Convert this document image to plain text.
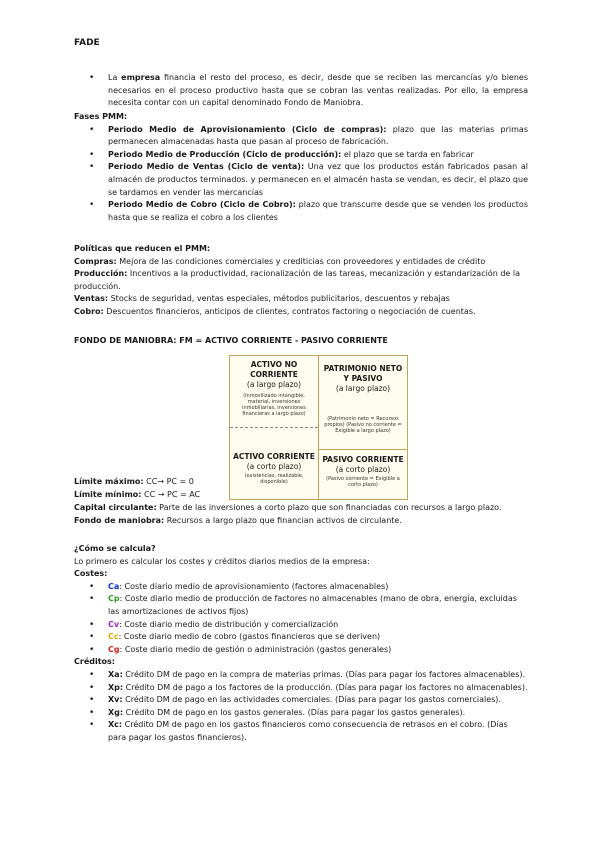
FADE
• La empresa financia el resto del proceso, es decir, desde que se reciben las mercancías y/o bienes necesarios en el proceso productivo hasta que se cobran las ventas realizadas. Por ello, la empresa necesita contar con un capital denominado Fondo de Maniobra.
Fases PMM:
• Periodo Medio de Aprovisionamiento (Ciclo de compras): plazo que las materias primas permanecen almacenadas hasta que pasan al proceso de fabricación.
• Periodo Medio de Producción (Ciclo de producción): el plazo que se tarda en fabricar
• Periodo Medio de Ventas (Ciclo de venta): Una vez que los productos están fabricados pasan al almacén de productos terminados. y permanecen en el almacén hasta se vendan, es decir, el plazo que se tardamos en vender las mercancías
• Periodo Medio de Cobro (Ciclo de Cobro): plazo que transcurre desde que se venden los productos hasta que se realiza el cobro a los clientes
Políticas que reducen el PMM:

Compras: Mejora de las condiciones comerciales y crediticias con proveedores y entidades de crédito

Producción: Incentivos a la productividad, racionalización de las tareas, mecanización y estandarización de la producción.

Ventas: Stocks de seguridad, ventas especiales, métodos publicitarios, descuentos y rebajas

Cobro: Descuentos financieros, anticipos de clientes, contratos factoring o negociación de cuentas.

FONDO DE MANIOBRA: FM = ACTIVO CORRIENTE - PASIVO CORRIENTE
ACTIVO NO CORRIENTE
(a largo plazo)
(inmovilizado intangible, material, inversiones inmobiliarias, inversiones financieras a largo plazo)
PATRIMONIO NETO Y PASIVO
(a largo plazo)
(Patrimonio neto = Recursos propios) (Pasivo no corriente = Exigible a largo plazo)
ACTIVO CORRIENTE
(a corto plazo)
(existencias, realizable, disponible)
PASIVO CORRIENTE
(a corto plazo)
(Pasivo corriente = Exigible a corto plazo)

Límite máximo: CC→ PC = 0

Límite mínimo: CC → PC = AC

Capital circulante: Parte de las inversiones a corto plazo que son financiadas con recursos a largo plazo.

Fondo de maniobra: Recursos a largo plazo que financian activos de circulante.

¿Cómo se calcula?

Lo primero es calcular los costes y créditos diarios medios de la empresa:

Costes:
• Ca: Coste diario medio de aprovisionamiento (factores almacenables)
• Cp: Coste diario medio de producción de factores no almacenables (mano de obra, energía, excluidas las amortizaciones de activos fijos)
• Cv: Coste diario medio de distribución y comercialización
• Cc: Coste diario medio de cobro (gastos financieros que se deriven)
• Cg: Coste diario medio de gestión o administración (gastos generales)
Créditos:
• Xa: Crédito DM de pago en la compra de materias primas. (Días para pagar los factores almacenables).
• Xp: Crédito DM de pago a los factores de la producción. (Días para pagar los factores no almacenables).
• Xv: Crédito DM de pago en las actividades comerciales. (Días para pagar los gastos comerciales).
• Xg: Crédito DM de pago en los gastos generales. (Días para pagar los gastos generales).
• Xc: Crédito DM de pago en los gastos financieros como consecuencia de retrasos en el cobro. (Días para pagar los gastos financieros).
